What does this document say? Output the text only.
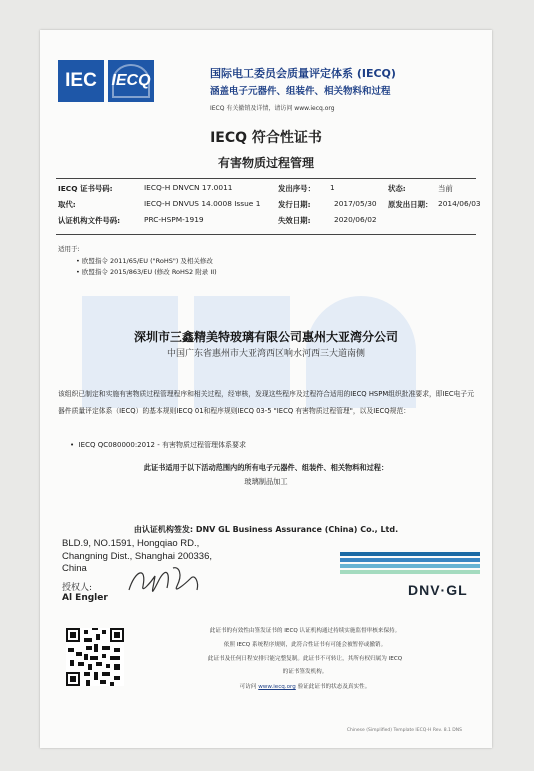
IEC IECQ	国际电工委员会质量评定体系 (IECQ)
涵盖电子元器件、组装件、相关物料和过程
IECQ 有关撤销及详情，请访问 www.iecq.org
IECQ 符合性证书
有害物质过程管理
IECQ 证书号码:	IECQ-H DNVCN 17.0011	发出序号： 1	状态:	当前
取代:	IECQ-H DNVUS 14.0008 Issue 1 发行日期:	2017/05/30 原发出日期： 2014/06/03
认证机构文件号码:	PRC-HSPM-1919	失效日期:	2020/06/02
适用于:
• 欧盟指令 2011/65/EU ("RoHS") 及相关修改
• 欧盟指令 2015/863/EU (修改 RoHS2 附录 II)
深圳市三鑫精美特玻璃有限公司惠州大亚湾分公司
中国广东省惠州市大亚湾西区响水河西三大道南侧
该组织已制定和实施有害物质过程管理程序和相关过程，经审核，发现这些程序及过程符合适用的IECQ HSPM组织批准要求，即IEC电子元器件质量评定体系（IECQ）的基本规则IECQ 01和程序规则IECQ 03-5 "IECQ 有害物质过程管理"，以及IECQ规范：
•  IECQ QC080000:2012 - 有害物质过程管理体系要求
此证书适用于以下活动范围内的所有电子元器件、组装件、相关物料和过程：
玻璃制品加工
由认证机构签发: DNV GL Business Assurance (China) Co., Ltd.
BLD.9, NO.1591, Hongqiao RD.,
Changning Dist., Shanghai 200336,
China
授权人:
Al Engler	DNV·GL
此证书的有效性由签发证书的 IECQ 认证机构通过持续实施监督审核来保持。
依照 IECQ 系统程序规则，此符合性证书有可能会被暂停或撤销。
此证书及任何日程安排只能完整复制。此证书不可转让，其所有权归属为 IECQ
的证书签发机构。
可访问 www.iecq.org 验证此证书的状态及真实性。
Chinese (Simplified) Template IECQ-H Rev. 8.1 DNS
